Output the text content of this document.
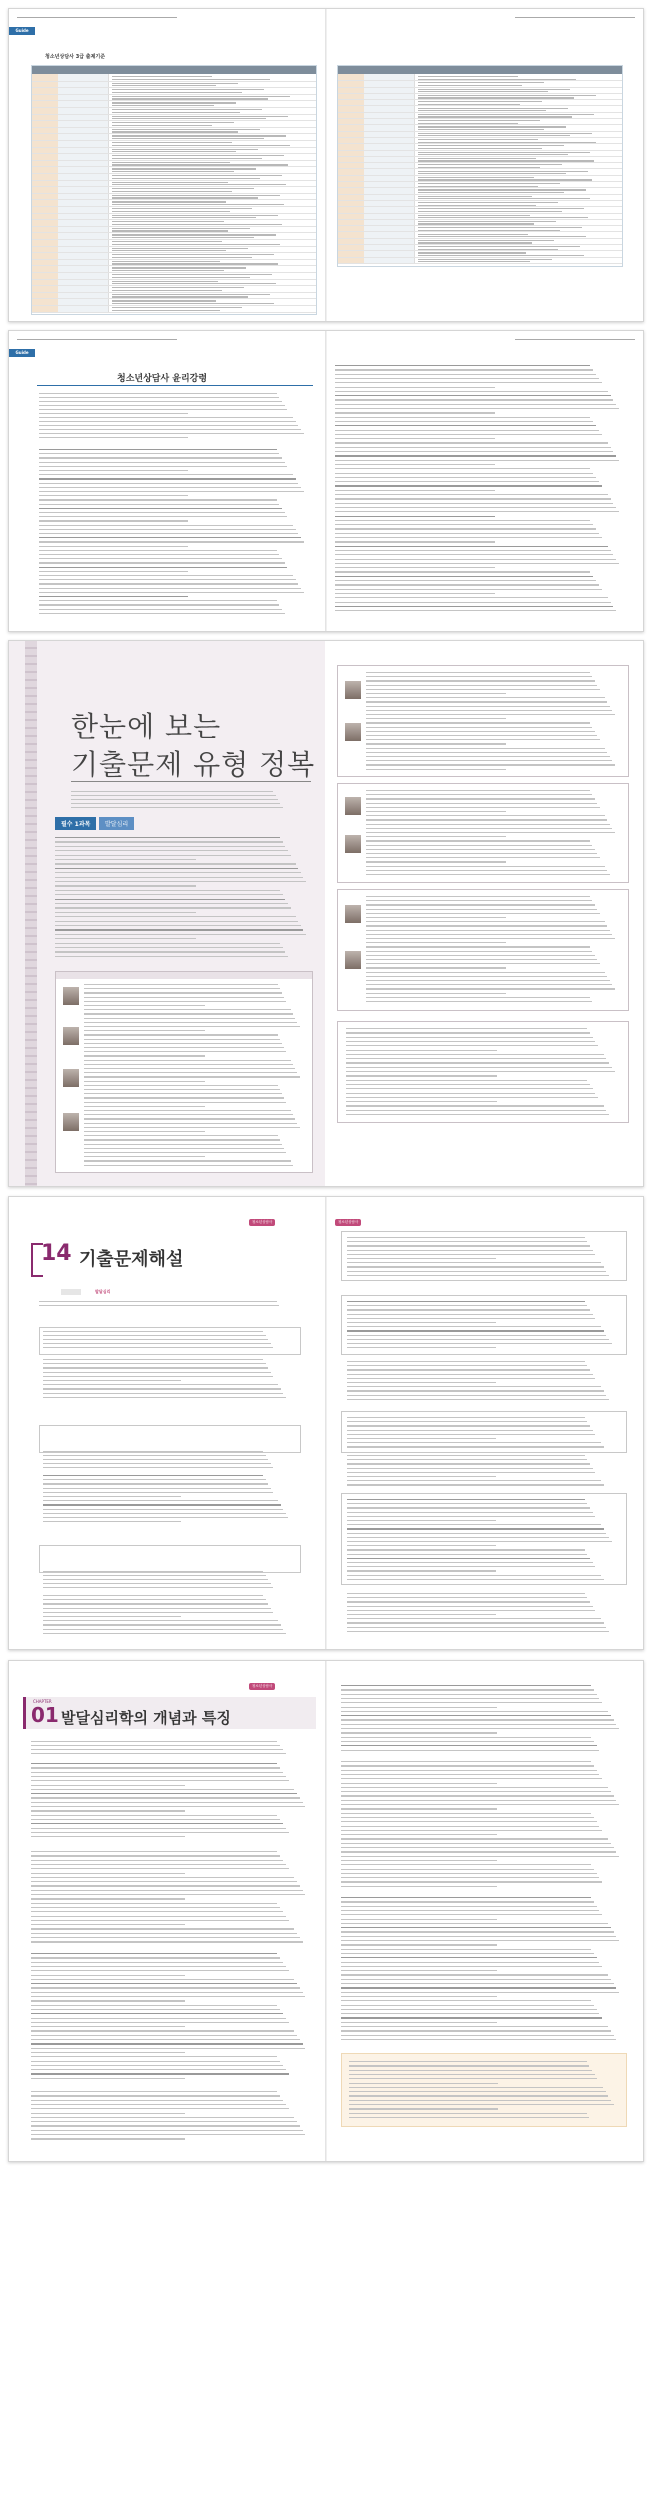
Guide
청소년상담사 3급 출제기준
Guide
청소년상담사 윤리강령
한눈에 보는
기출문제 유형 정복
필수 1과목	발달심리
청소년상담사
14 기출문제해설
발달심리
청소년상담사
청소년상담사
CHAPTER
01 발달심리학의 개념과 특징
